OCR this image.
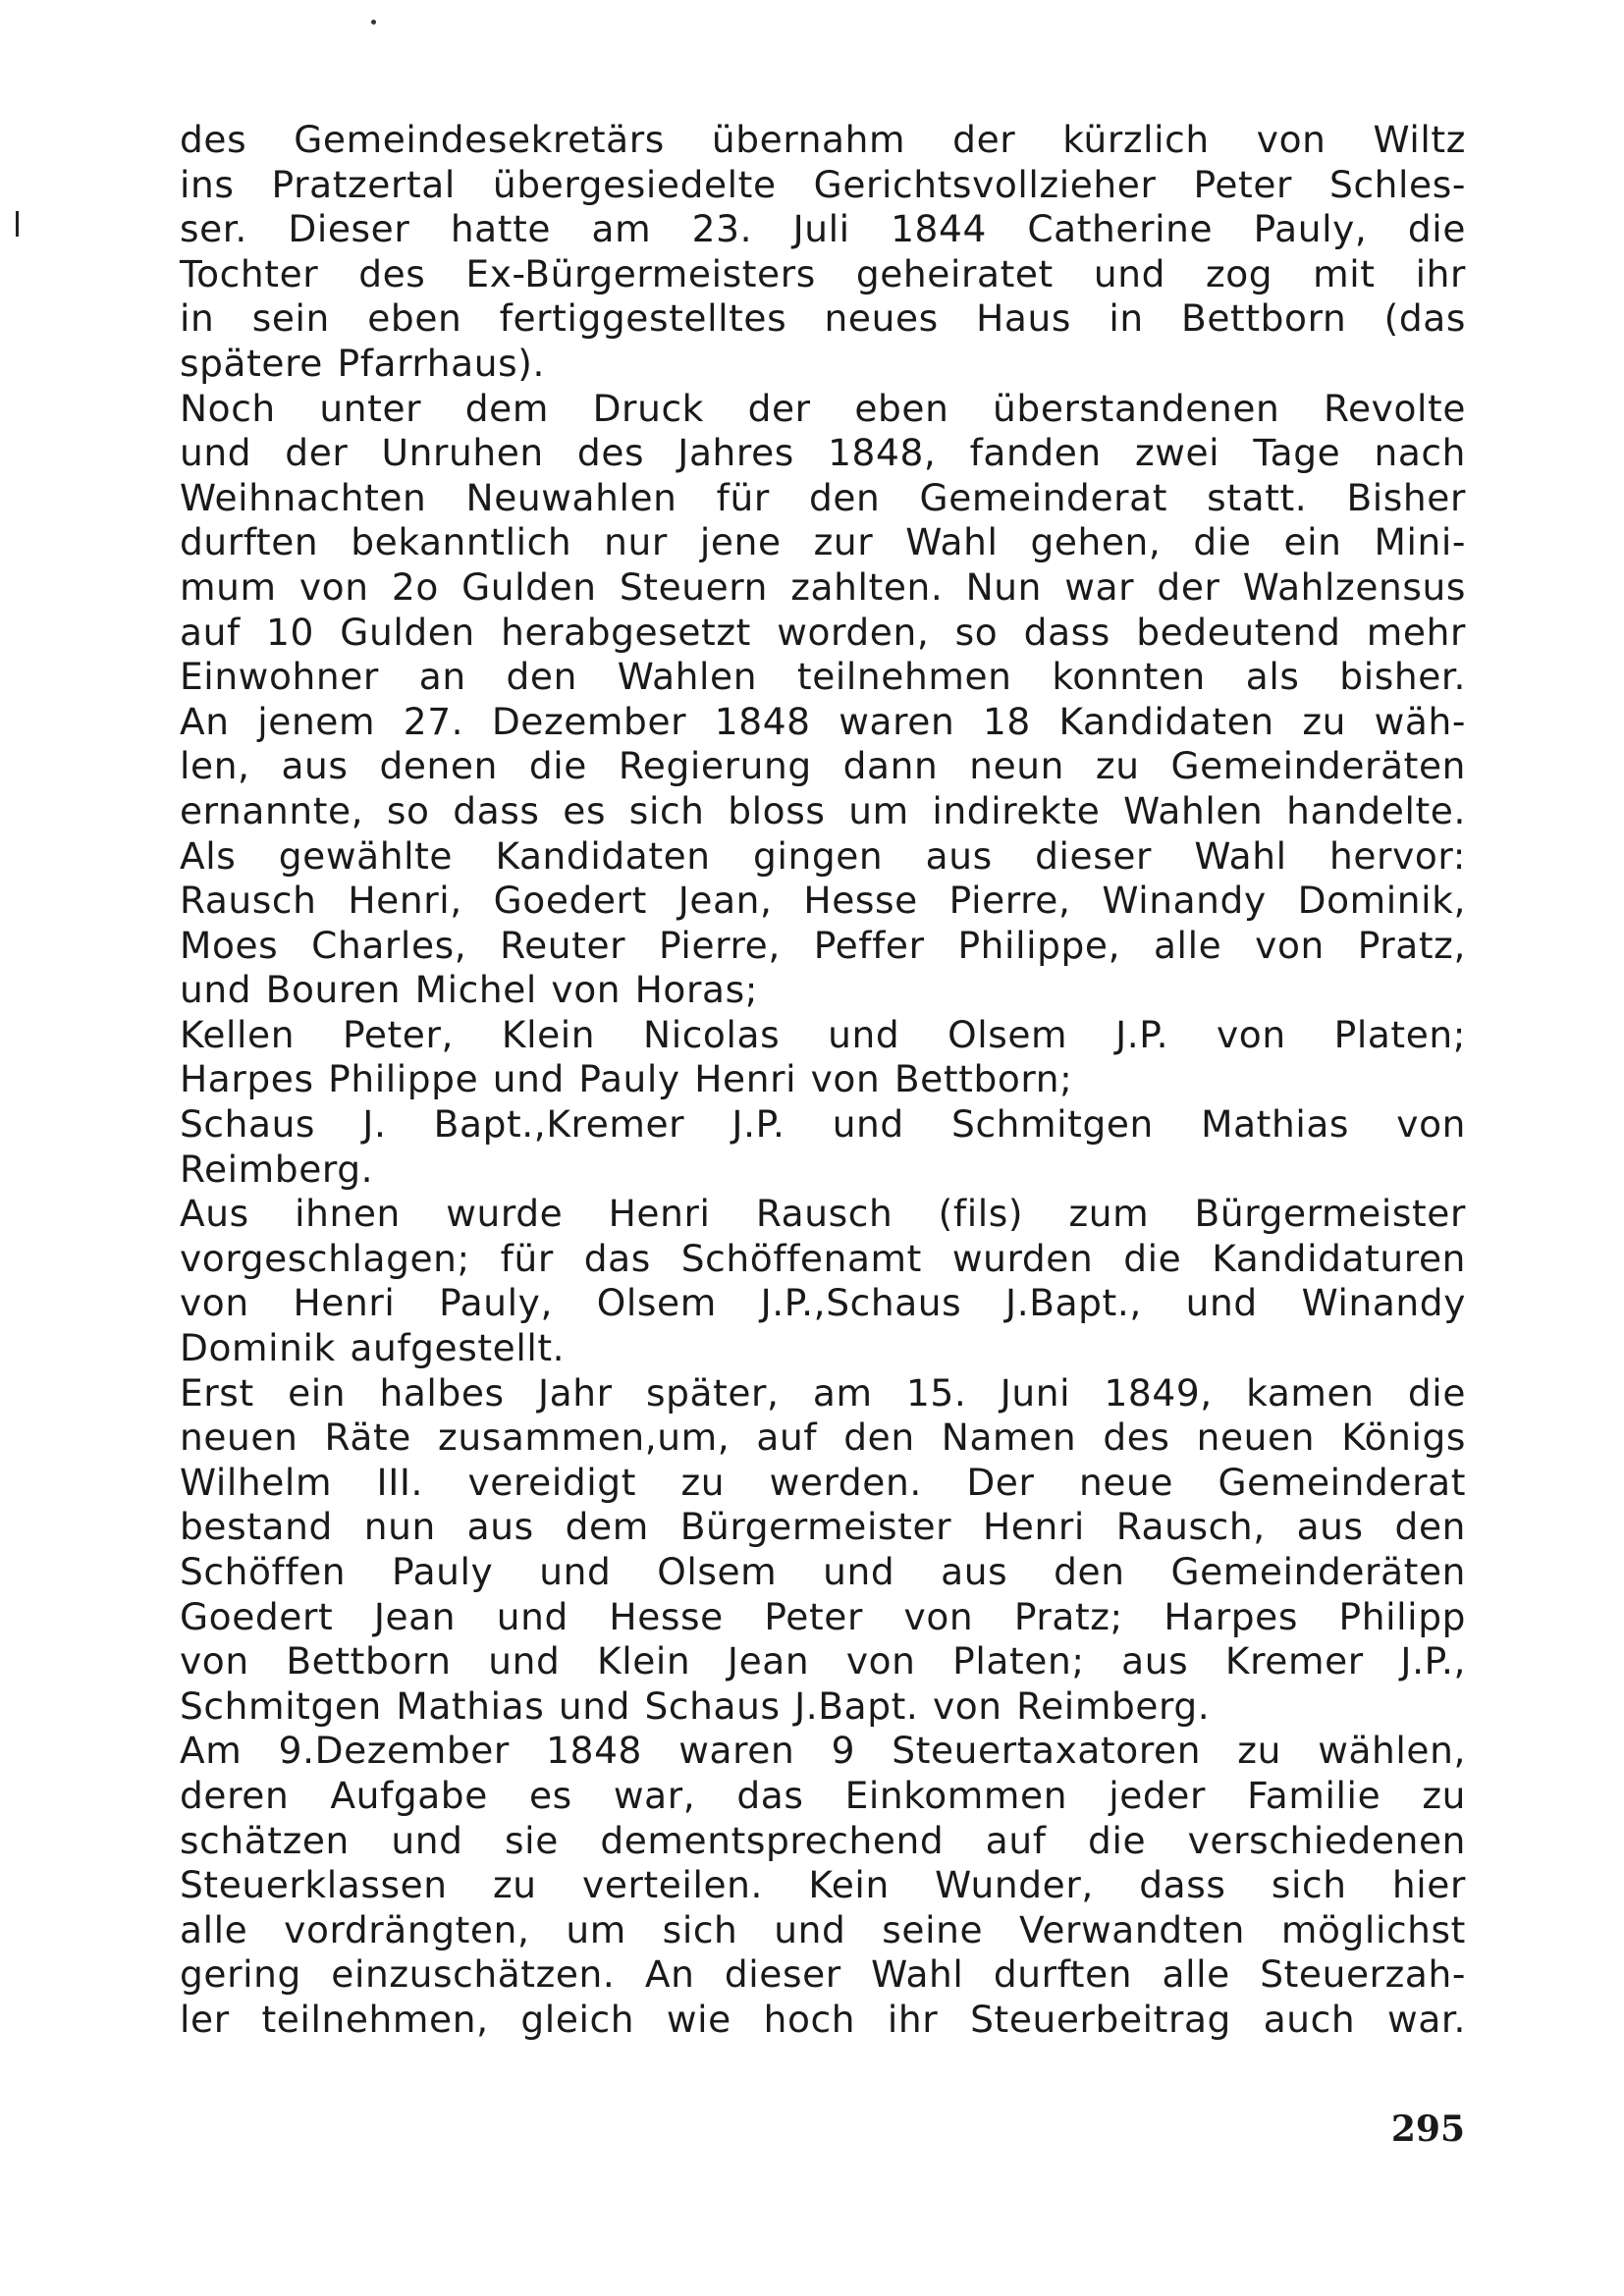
des Gemeindesekretärs übernahm der kürzlich von Wiltz
ins Pratzertal übergesiedelte Gerichtsvollzieher Peter Schles-
ser. Dieser hatte am 23. Juli 1844 Catherine Pauly, die
Tochter des Ex-Bürgermeisters geheiratet und zog mit ihr
in sein eben fertiggestelltes neues Haus in Bettborn (das
spätere Pfarrhaus).
Noch unter dem Druck der eben überstandenen Revolte
und der Unruhen des Jahres 1848, fanden zwei Tage nach
Weihnachten Neuwahlen für den Gemeinderat statt. Bisher
durften bekanntlich nur jene zur Wahl gehen, die ein Mini-
mum von 2o Gulden Steuern zahlten. Nun war der Wahlzensus
auf 10 Gulden herabgesetzt worden, so dass bedeutend mehr
Einwohner an den Wahlen teilnehmen konnten als bisher.
An jenem 27. Dezember 1848 waren 18 Kandidaten zu wäh-
len, aus denen die Regierung dann neun zu Gemeinderäten
ernannte, so dass es sich bloss um indirekte Wahlen handelte.
Als gewählte Kandidaten gingen aus dieser Wahl hervor:
Rausch Henri, Goedert Jean, Hesse Pierre, Winandy Dominik,
Moes Charles, Reuter Pierre, Peffer Philippe, alle von Pratz,
und Bouren Michel von Horas;
Kellen Peter, Klein Nicolas und Olsem J.P. von Platen;
Harpes Philippe und Pauly Henri von Bettborn;
Schaus J. Bapt.,Kremer J.P. und Schmitgen Mathias von
Reimberg.
Aus ihnen wurde Henri Rausch (fils) zum Bürgermeister
vorgeschlagen; für das Schöffenamt wurden die Kandidaturen
von Henri Pauly, Olsem J.P.,Schaus J.Bapt., und Winandy
Dominik aufgestellt.
Erst ein halbes Jahr später, am 15. Juni 1849, kamen die
neuen Räte zusammen,um, auf den Namen des neuen Königs
Wilhelm III. vereidigt zu werden. Der neue Gemeinderat
bestand nun aus dem Bürgermeister Henri Rausch, aus den
Schöffen Pauly und Olsem und aus den Gemeinderäten
Goedert Jean und Hesse Peter von Pratz; Harpes Philipp
von Bettborn und Klein Jean von Platen; aus Kremer J.P.,
Schmitgen Mathias und Schaus J.Bapt. von Reimberg.
Am 9.Dezember 1848 waren 9 Steuertaxatoren zu wählen,
deren Aufgabe es war, das Einkommen jeder Familie zu
schätzen und sie dementsprechend auf die verschiedenen
Steuerklassen zu verteilen. Kein Wunder, dass sich hier
alle vordrängten, um sich und seine Verwandten möglichst
gering einzuschätzen. An dieser Wahl durften alle Steuerzah-
ler teilnehmen, gleich wie hoch ihr Steuerbeitrag auch war.
295
